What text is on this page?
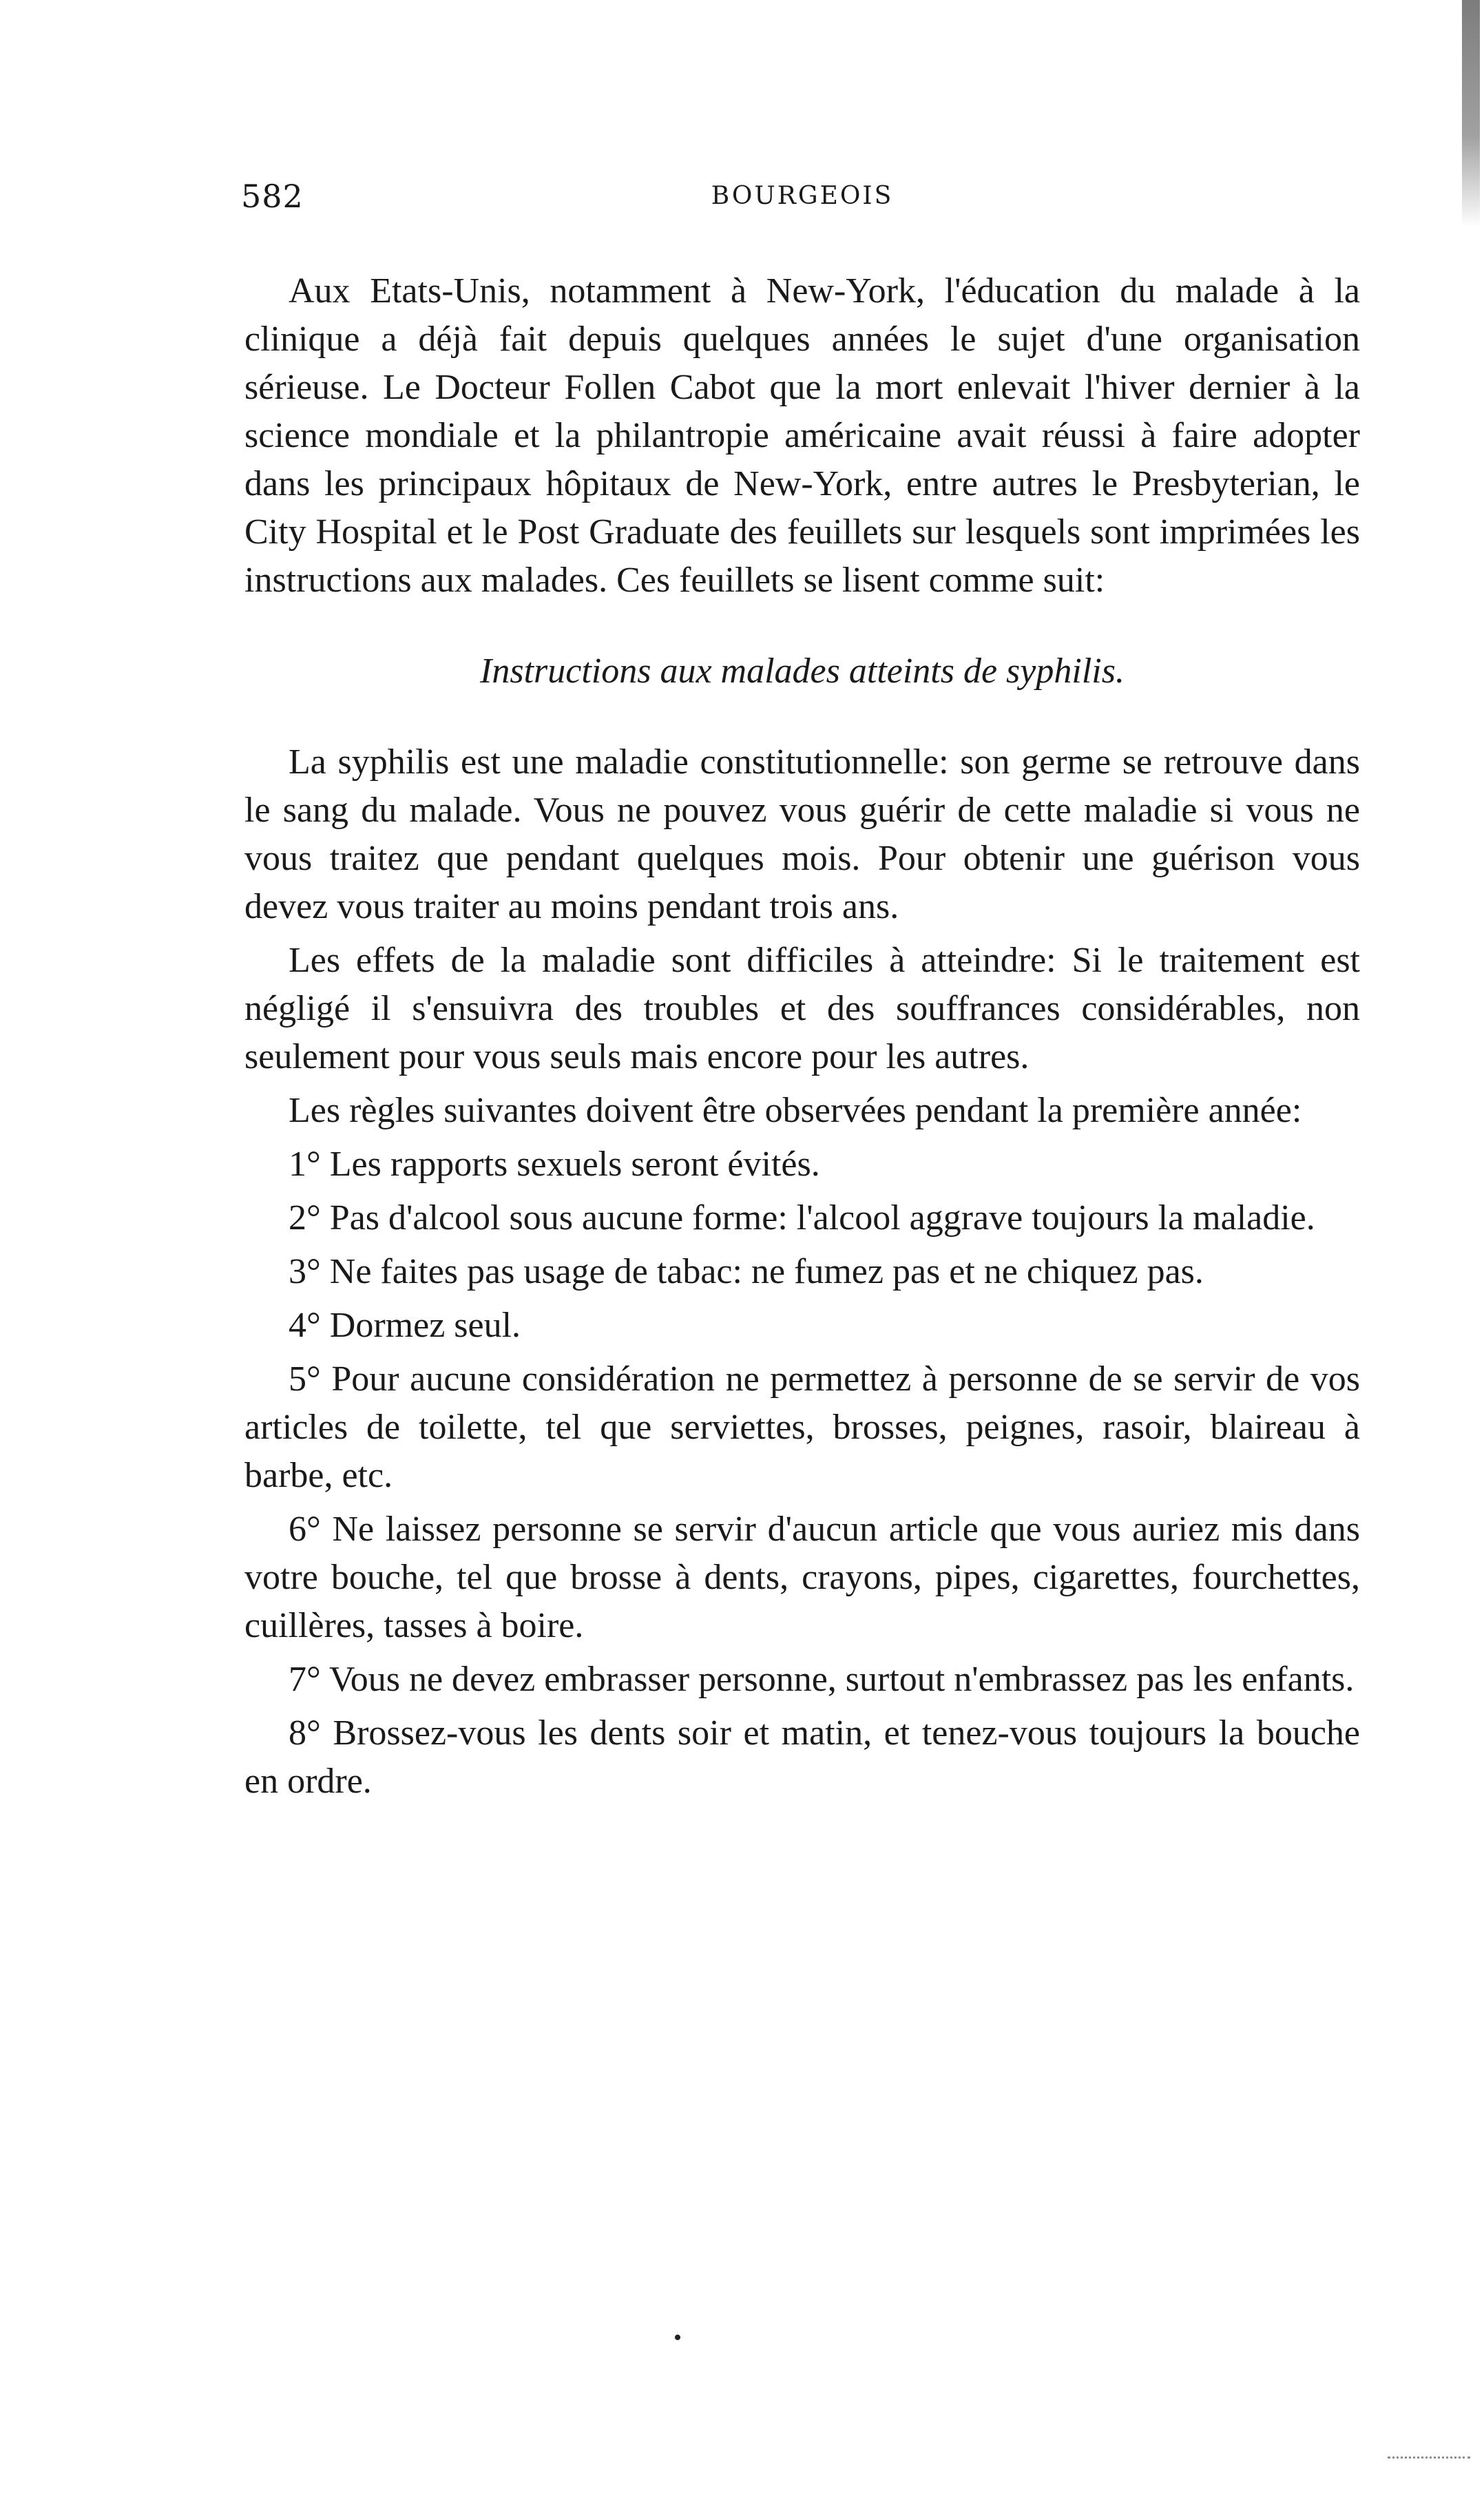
582	BOURGEOIS

Aux Etats-Unis, notamment à New-York, l'éducation du malade à la clinique a déjà fait depuis quelques années le sujet d'une organisation sérieuse. Le Docteur Follen Cabot que la mort enlevait l'hiver dernier à la science mondiale et la philantropie américaine avait réussi à faire adopter dans les principaux hôpitaux de New-York, entre autres le Presbyterian, le City Hospital et le Post Graduate des feuillets sur lesquels sont imprimées les instructions aux malades. Ces feuillets se lisent comme suit:

Instructions aux malades atteints de syphilis.

La syphilis est une maladie constitutionnelle: son germe se retrouve dans le sang du malade. Vous ne pouvez vous guérir de cette maladie si vous ne vous traitez que pendant quelques mois. Pour obtenir une guérison vous devez vous traiter au moins pendant trois ans.

Les effets de la maladie sont difficiles à atteindre: Si le traitement est négligé il s'ensuivra des troubles et des souffrances considérables, non seulement pour vous seuls mais encore pour les autres.

Les règles suivantes doivent être observées pendant la première année:

1° Les rapports sexuels seront évités.

2° Pas d'alcool sous aucune forme: l'alcool aggrave toujours la maladie.

3° Ne faites pas usage de tabac: ne fumez pas et ne chiquez pas.

4° Dormez seul.

5° Pour aucune considération ne permettez à personne de se servir de vos articles de toilette, tel que serviettes, brosses, peignes, rasoir, blaireau à barbe, etc.

6° Ne laissez personne se servir d'aucun article que vous auriez mis dans votre bouche, tel que brosse à dents, crayons, pipes, cigarettes, fourchettes, cuillères, tasses à boire.

7° Vous ne devez embrasser personne, surtout n'embrassez pas les enfants.

8° Brossez-vous les dents soir et matin, et tenez-vous toujours la bouche en ordre.
